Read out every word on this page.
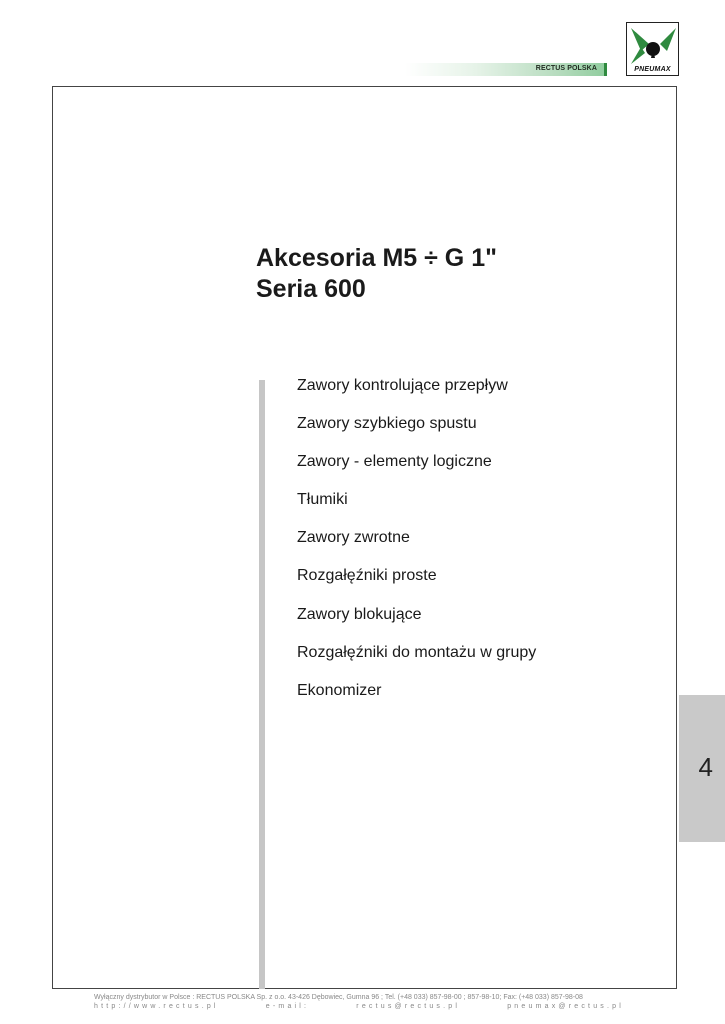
RECTUS POLSKA	PNEUMAX
Akcesoria M5 ÷ G 1"
Seria 600
Zawory kontrolujące przepływ
Zawory szybkiego spustu
Zawory - elementy logiczne
Tłumiki
Zawory zwrotne
Rozgałęźniki proste
Zawory blokujące
Rozgałęźniki do montażu w grupy
Ekonomizer
4
Wyłączny dystrybutor w Polsce : RECTUS POLSKA Sp. z o.o. 43-426 Dębowiec, Gumna 96 ; Tel. (+48 033) 857-98-00 ; 857-98-10; Fax: (+48 033) 857-98-08
http://www.rectus.pl	e-mail:	rectus@rectus.pl	pneumax@rectus.pl
